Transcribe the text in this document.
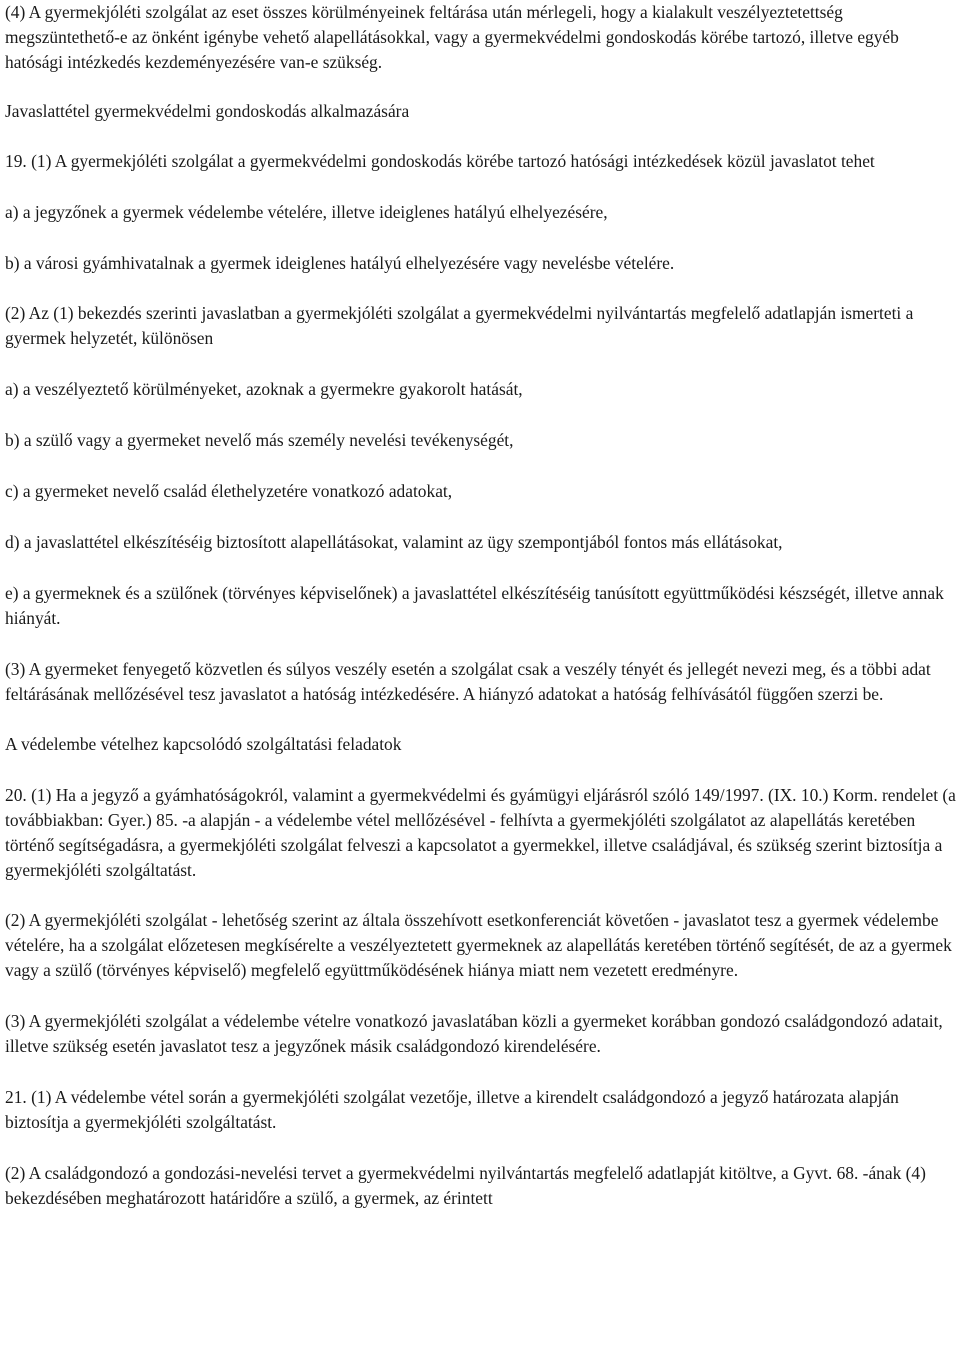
(4) A gyermekjóléti szolgálat az eset összes körülményeinek feltárása után mérlegeli, hogy a kialakult veszélyeztetettség megszüntethető-e az önként igénybe vehető alapellátásokkal, vagy a gyermekvédelmi gondoskodás körébe tartozó, illetve egyéb hatósági intézkedés kezdeményezésére van-e szükség.

Javaslattétel gyermekvédelmi gondoskodás alkalmazására

19. (1) A gyermekjóléti szolgálat a gyermekvédelmi gondoskodás körébe tartozó hatósági intézkedések közül javaslatot tehet

a) a jegyzőnek a gyermek védelembe vételére, illetve ideiglenes hatályú elhelyezésére,

b) a városi gyámhivatalnak a gyermek ideiglenes hatályú elhelyezésére vagy nevelésbe vételére.

(2) Az (1) bekezdés szerinti javaslatban a gyermekjóléti szolgálat a gyermekvédelmi nyilvántartás megfelelő adatlapján ismerteti a gyermek helyzetét, különösen

a) a veszélyeztető körülményeket, azoknak a gyermekre gyakorolt hatását,

b) a szülő vagy a gyermeket nevelő más személy nevelési tevékenységét,

c) a gyermeket nevelő család élethelyzetére vonatkozó adatokat,

d) a javaslattétel elkészítéséig biztosított alapellátásokat, valamint az ügy szempontjából fontos más ellátásokat,

e) a gyermeknek és a szülőnek (törvényes képviselőnek) a javaslattétel elkészítéséig tanúsított együttműködési készségét, illetve annak hiányát.

(3) A gyermeket fenyegető közvetlen és súlyos veszély esetén a szolgálat csak a veszély tényét és jellegét nevezi meg, és a többi adat feltárásának mellőzésével tesz javaslatot a hatóság intézkedésére. A hiányzó adatokat a hatóság felhívásától függően szerzi be.

A védelembe vételhez kapcsolódó szolgáltatási feladatok

20. (1) Ha a jegyző a gyámhatóságokról, valamint a gyermekvédelmi és gyámügyi eljárásról szóló 149/1997. (IX. 10.) Korm. rendelet (a továbbiakban: Gyer.) 85. -a alapján - a védelembe vétel mellőzésével - felhívta a gyermekjóléti szolgálatot az alapellátás keretében történő segítségadásra, a gyermekjóléti szolgálat felveszi a kapcsolatot a gyermekkel, illetve családjával, és szükség szerint biztosítja a gyermekjóléti szolgáltatást.

(2) A gyermekjóléti szolgálat - lehetőség szerint az általa összehívott esetkonferenciát követően - javaslatot tesz a gyermek védelembe vételére, ha a szolgálat előzetesen megkísérelte a veszélyeztetett gyermeknek az alapellátás keretében történő segítését, de az a gyermek vagy a szülő (törvényes képviselő) megfelelő együttműködésének hiánya miatt nem vezetett eredményre.

(3) A gyermekjóléti szolgálat a védelembe vételre vonatkozó javaslatában közli a gyermeket korábban gondozó családgondozó adatait, illetve szükség esetén javaslatot tesz a jegyzőnek másik családgondozó kirendelésére.

21. (1) A védelembe vétel során a gyermekjóléti szolgálat vezetője, illetve a kirendelt családgondozó a jegyző határozata alapján biztosítja a gyermekjóléti szolgáltatást.

(2) A családgondozó a gondozási-nevelési tervet a gyermekvédelmi nyilvántartás megfelelő adatlapját kitöltve, a Gyvt. 68. -ának (4) bekezdésében meghatározott határidőre a szülő, a gyermek, az érintett
